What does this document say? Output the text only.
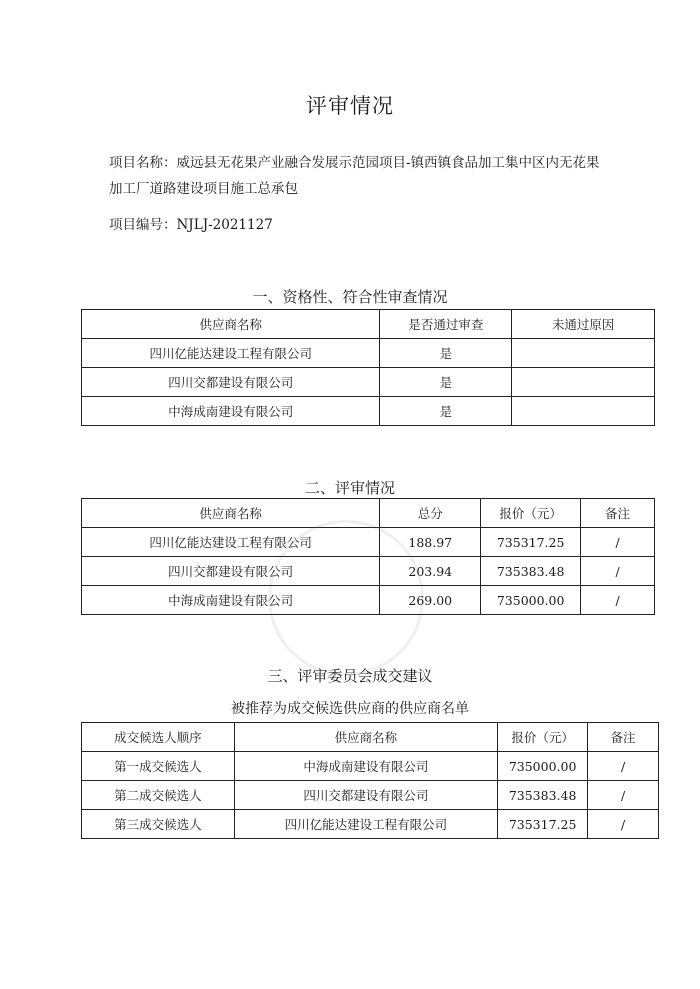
评审情况
项目名称：威远县无花果产业融合发展示范园项目-镇西镇食品加工集中区内无花果
加工厂道路建设项目施工总承包
项目编号：NJLJ-2021127
一、资格性、符合性审查情况
供应商名称	是否通过审查	未通过原因
四川亿能达建设工程有限公司	是	
四川交都建设有限公司	是	
中海成南建设有限公司	是	
二、评审情况
供应商名称	总分	报价（元）	备注
四川亿能达建设工程有限公司	188.97	735317.25	/
四川交都建设有限公司	203.94	735383.48	/
中海成南建设有限公司	269.00	735000.00	/
三、评审委员会成交建议
被推荐为成交候选供应商的供应商名单
成交候选人顺序	供应商名称	报价（元）	备注
第一成交候选人	中海成南建设有限公司	735000.00	/
第二成交候选人	四川交都建设有限公司	735383.48	/
第三成交候选人	四川亿能达建设工程有限公司	735317.25	/
